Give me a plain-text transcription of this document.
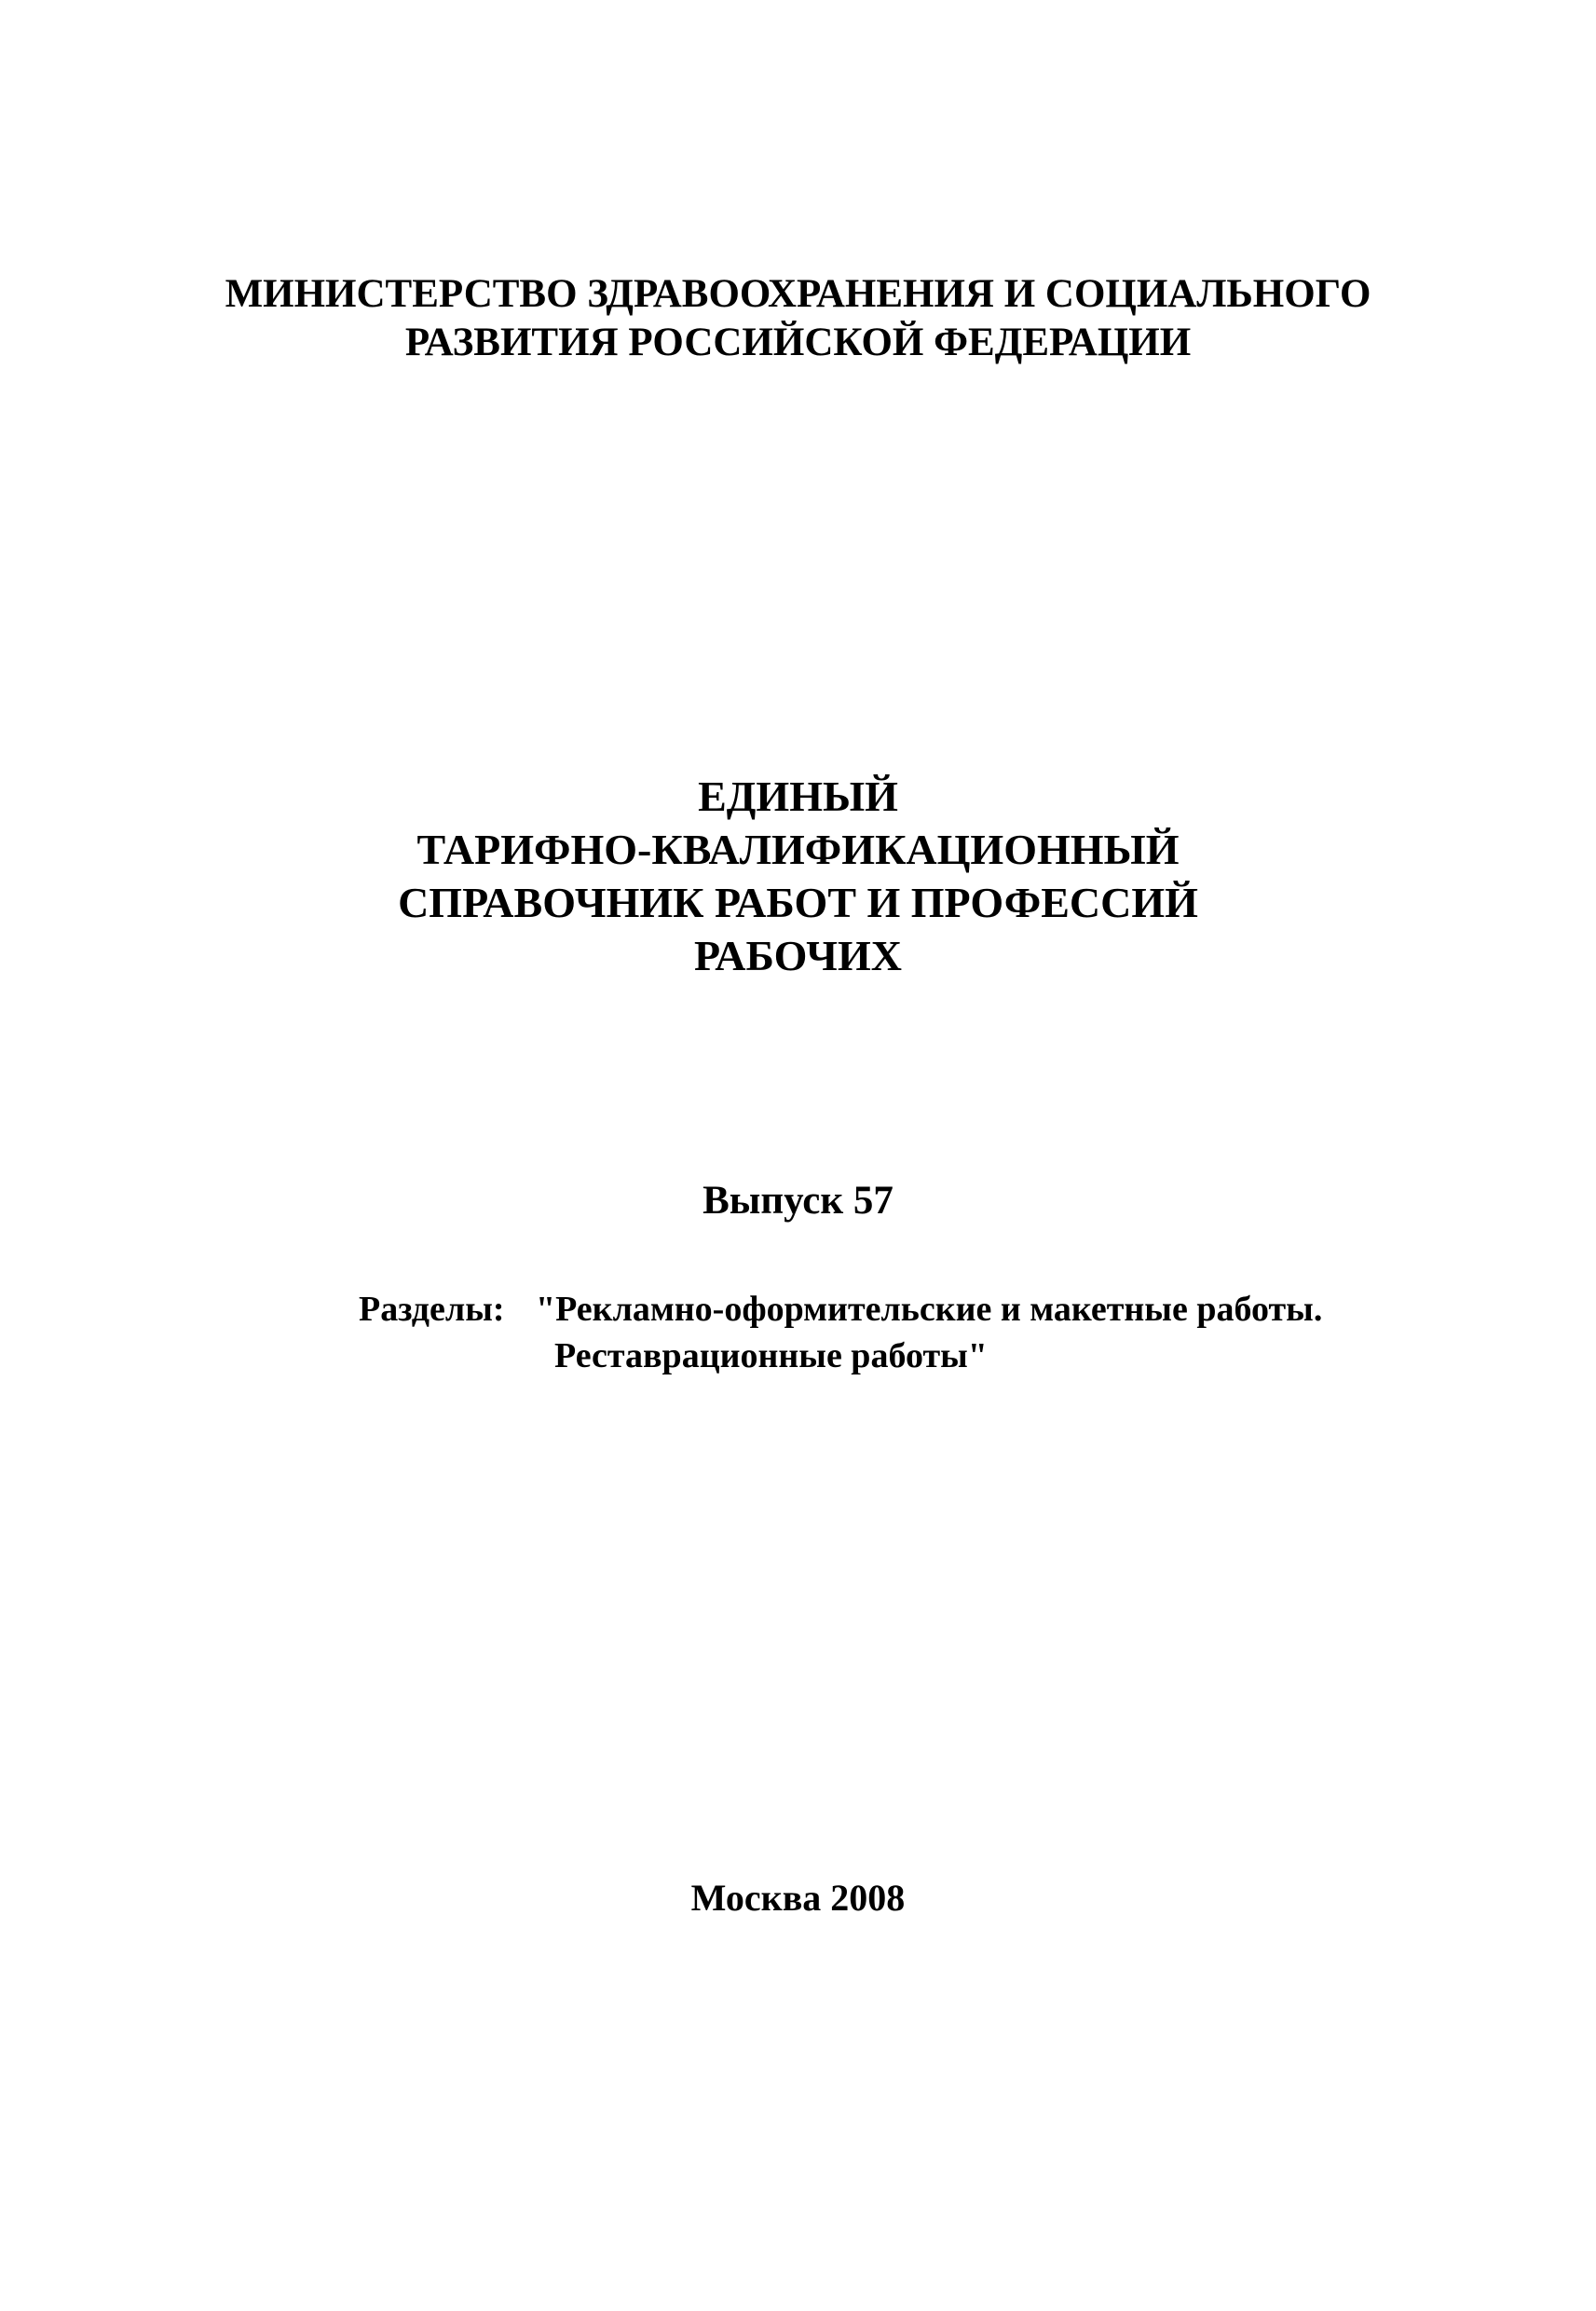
МИНИСТЕРСТВО ЗДРАВООХРАНЕНИЯ И СОЦИАЛЬНОГО
РАЗВИТИЯ РОССИЙСКОЙ ФЕДЕРАЦИИ
ЕДИНЫЙ
ТАРИФНО-КВАЛИФИКАЦИОННЫЙ
СПРАВОЧНИК РАБОТ И ПРОФЕССИЙ
РАБОЧИХ
Выпуск 57
Разделы: "Рекламно-оформительские и макетные работы.
Реставрационные работы"
Москва 2008
